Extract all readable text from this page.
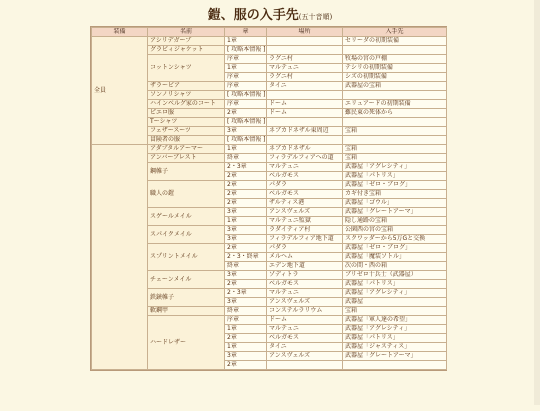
鎧、服の入手先(五十音順)
装備	名前	章	場所	入手先
全員	アシリデガープ	1章		セリーダの初期装備
	グラビィジャケット	[ 攻略本情報 ]		
	コットンシャツ	序章	ラグニ村	牧場の宮の戸棚
		1章	マルテュニ	テシリの初期装備
		序章	ラグニ村	シズの初期装備
	ザラービア	序章	タイニ	武器屋の宝箱
	ソンノリシャツ	[ 攻略本情報 ]		
	ハインベルグ家のコート	序章	ドーム	エリュアードの初期装備
	ピエロ服	2章	ドーム	難民東の死体から
	Tーシャツ	[ 攻略本情報 ]		
	フェザースーツ	3章	ネブカドネザル東周辺	宝箱
	冒険者の服	[ 攻略本情報 ]		
	アダプタルアーマー	1章	ネブカドネザル	宝箱
	アンバーブレスト	終章	フィラデルフィアへの道	宝箱
	鋼帷子	2・3章	マルテュニ	武器屋「アグレシティ」
		2章	ベルガモス	武器屋「パトリス」
	職人の鎧	2章	パダラ	武器屋「ゼロ・ブログ」
		2章	ベルガモス	カギ付き宝箱
		2章	ザルティス港	武器屋「ゴウル」
	スゲールメイル	3章	アンスヴェルズ	武器屋「グレートアーマ」
		1章	マルテュニ監獄	隠し通路の宝箱
	スパイクメイル	3章	ラダイティア村	公園西の宮の宝箱
		3章	フィラデルフィア地下道	スクワッダーから5万Gと交換
	スプリントメイル	2章	パダラ	武器屋「ゼロ・ブログ」
		2・3・終章	メルヘム	武器屋「魔装ソトル」
		終章	エデン地下道	次の間・西の箱
	チェーンメイル	3章	ゾディトラ	ブリゼロ十兵士（武器屋）
		2章	ベルガモス	武器屋「パトリス」
	鉄鋏帷子	2・3章	マルテュニ	武器屋「アグレシティ」
		3章	アンスヴェルズ	武器屋
	軟鋼甲	終章	コンステルラリウム	宝箱
	ハードレザー	序章	ドーム	武器屋「軍人達の希望」
		1章	マルテュニ	武器屋「アグレシティ」
		2章	ベルガモス	武器屋「パトリス」
		1章	タイニ	武器屋「ジャスティス」
		3章	アンスヴェルズ	武器屋「グレートアーマ」
		2章		
